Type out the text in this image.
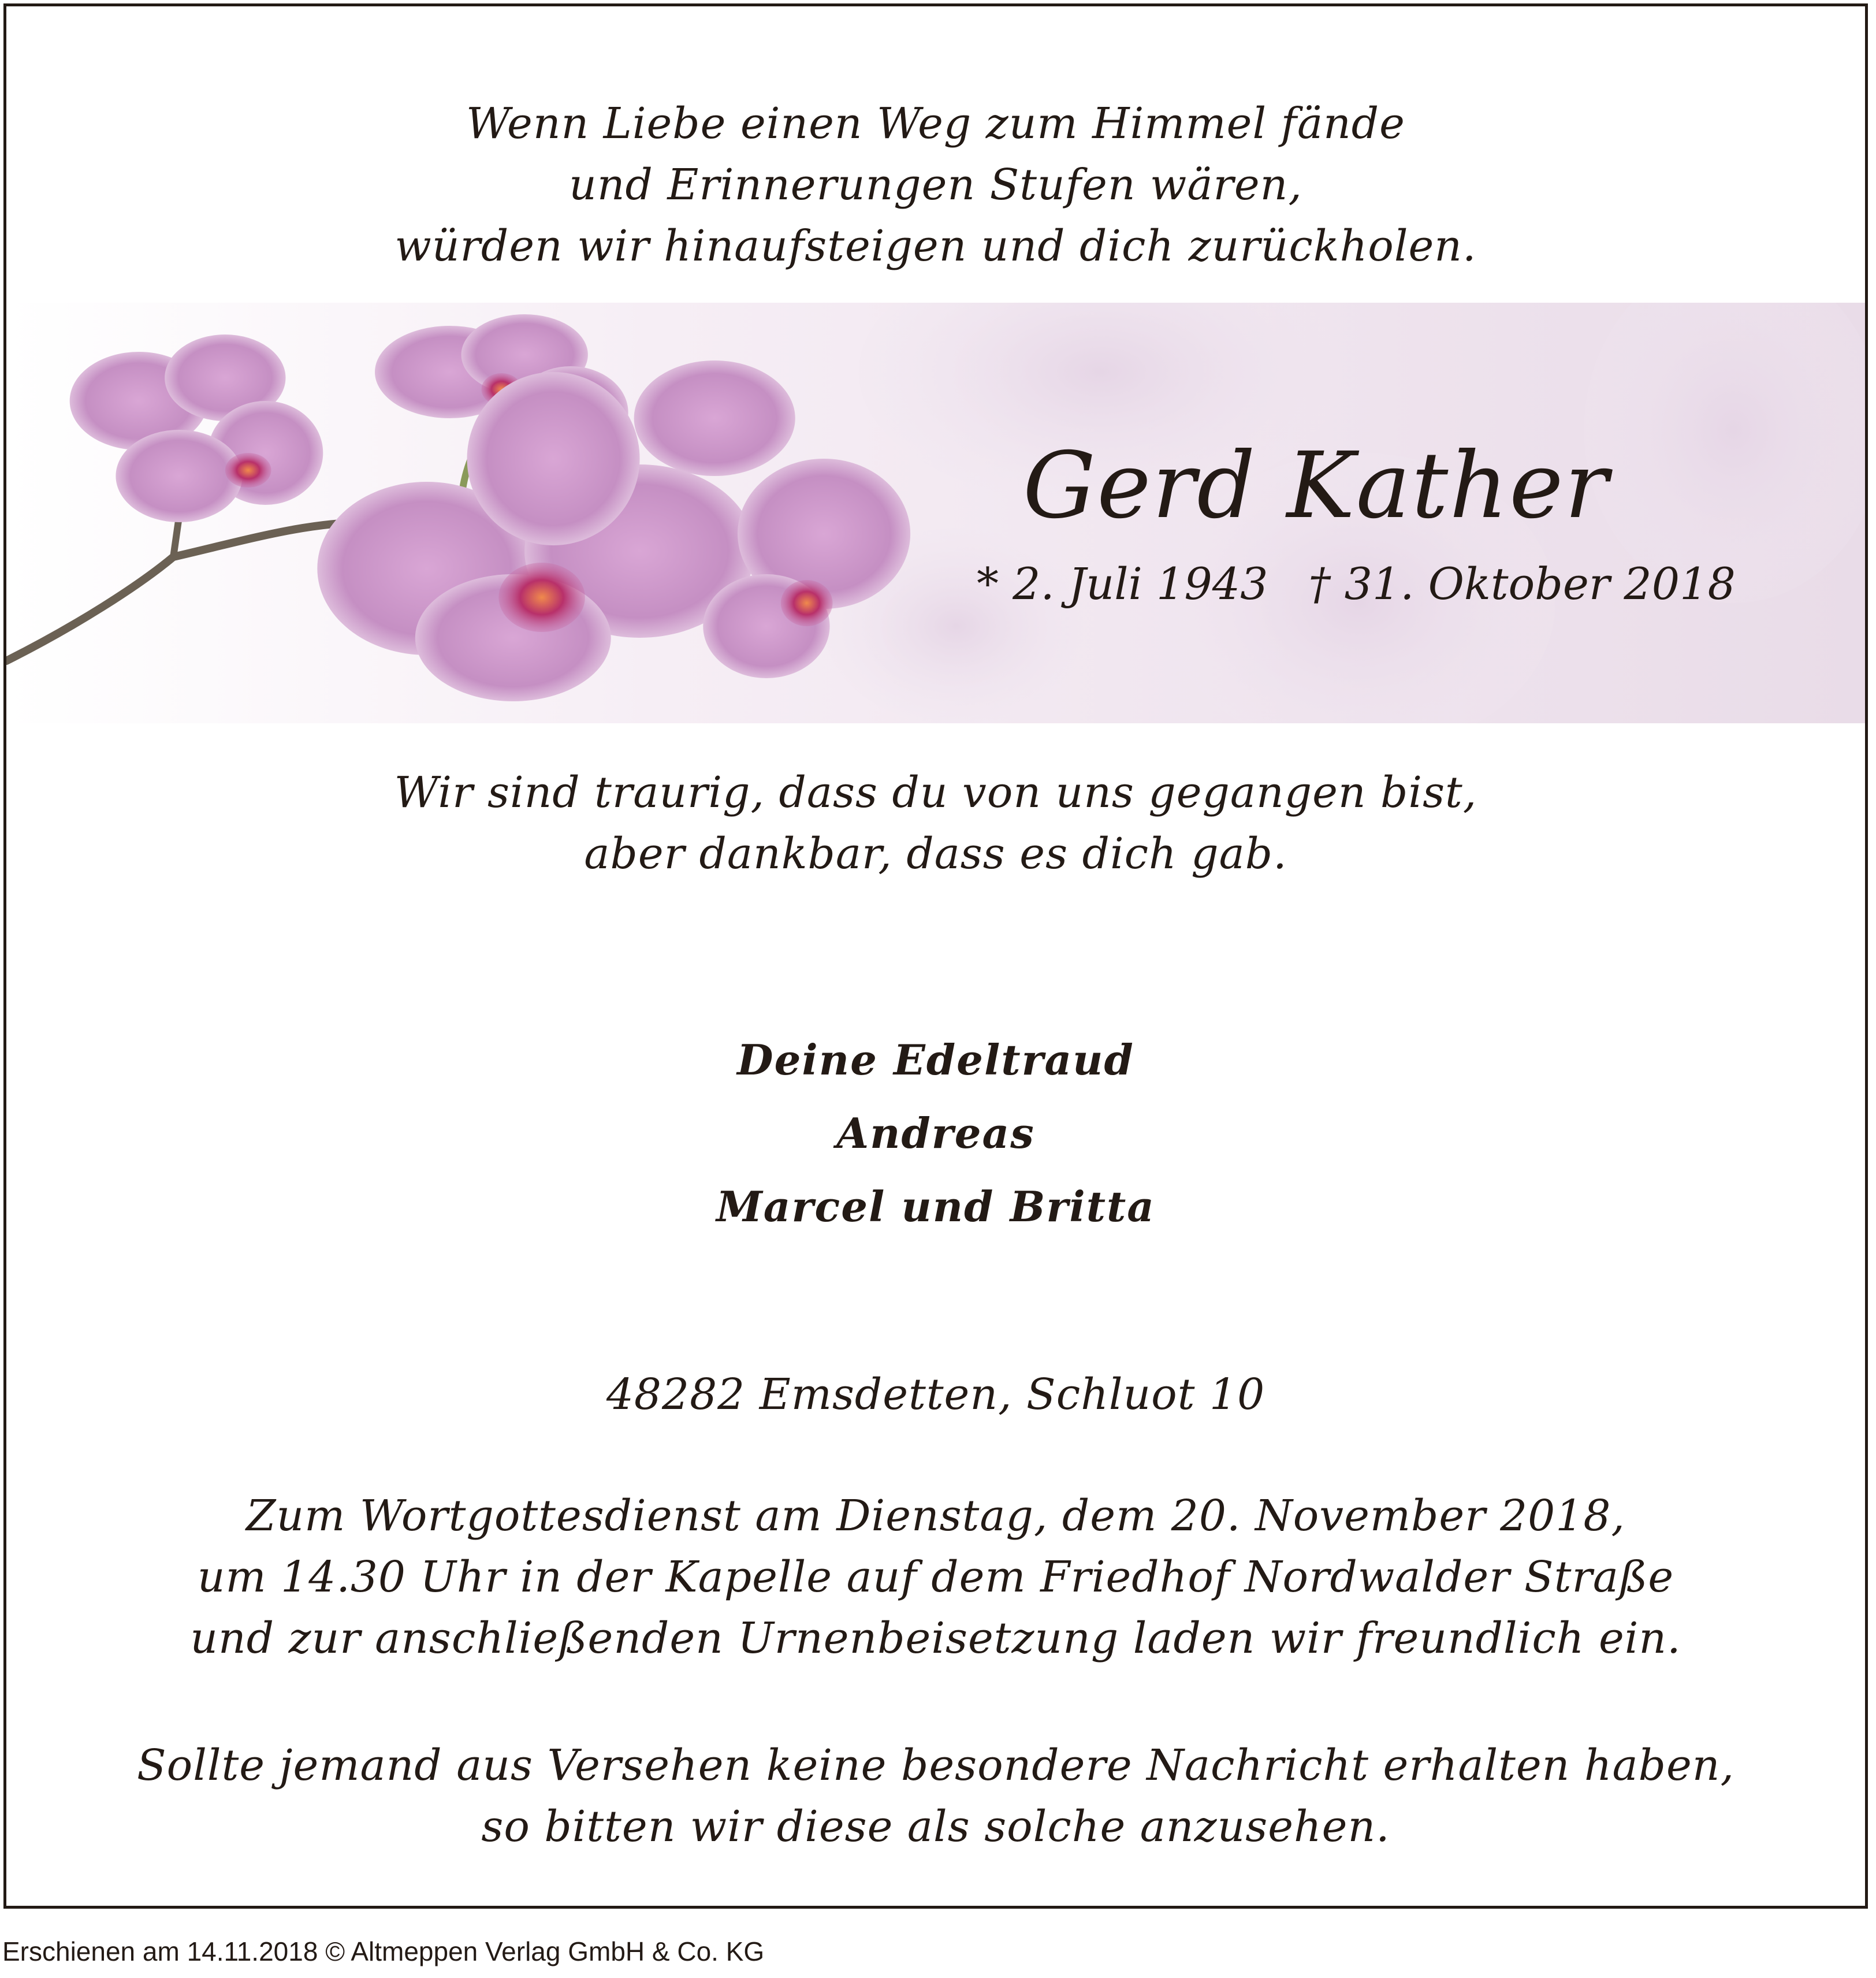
Wenn Liebe einen Weg zum Himmel fände
und Erinnerungen Stufen wären,
würden wir hinaufsteigen und dich zurückholen.
Gerd Kather
* 2. Juli 1943 † 31. Oktober 2018
Wir sind traurig, dass du von uns gegangen bist,
aber dankbar, dass es dich gab.
Deine Edeltraud
Andreas
Marcel und Britta
48282 Emsdetten, Schluot 10
Zum Wortgottesdienst am Dienstag, dem 20. November 2018,
um 14.30 Uhr in der Kapelle auf dem Friedhof Nordwalder Straße
und zur anschließenden Urnenbeisetzung laden wir freundlich ein.
Sollte jemand aus Versehen keine besondere Nachricht erhalten haben,
so bitten wir diese als solche anzusehen.
Erschienen am 14.11.2018 © Altmeppen Verlag GmbH & Co. KG
